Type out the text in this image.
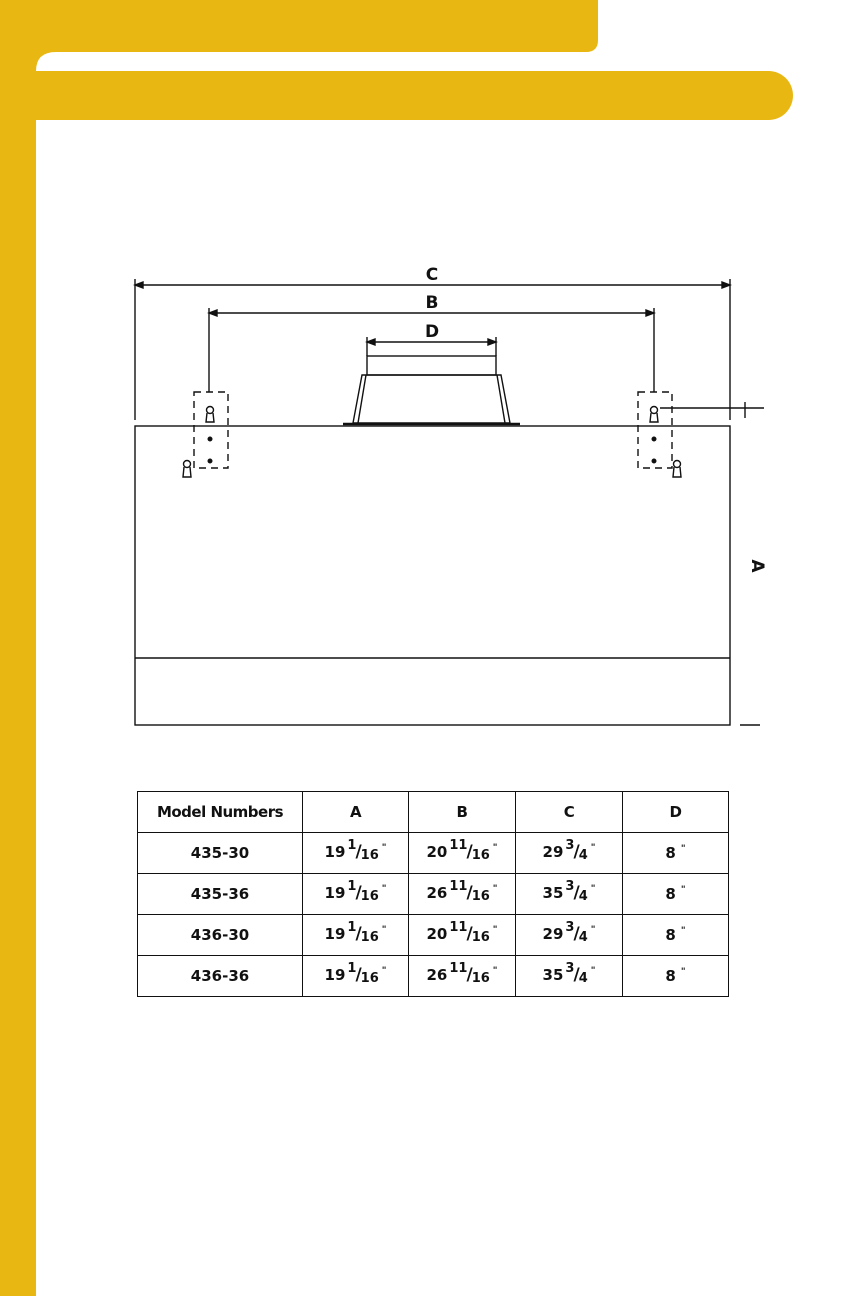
C
B
D
A
Model Numbers	A	B	C	D
435-30	19 1 / 16 "	20 11 / 16 "	29 3 / 4 "	8 "

435-36	19 1 / 16 "	26 11 / 16 "	35 3 / 4 "	8 "

436-30	19 1 / 16 "	20 11 / 16 "	29 3 / 4 "	8 "

436-36	19 1 / 16 "	26 11 / 16 "	35 3 / 4 "	8 "
